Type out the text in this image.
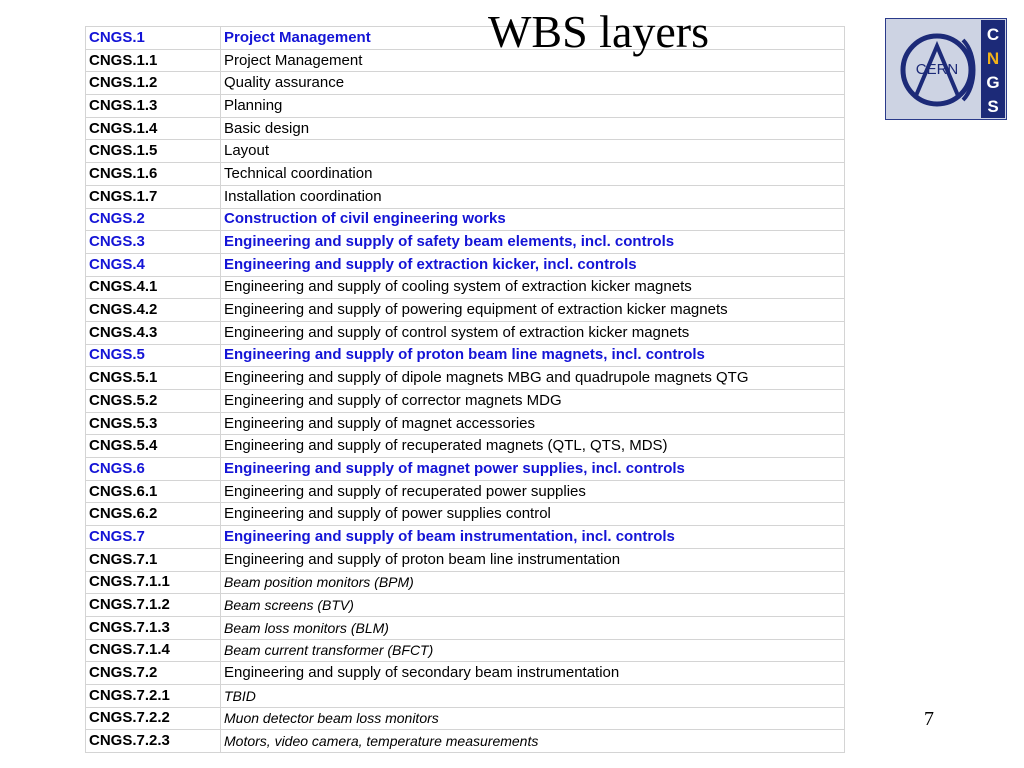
CNGS.1	Project Management
CNGS.1.1	Project Management
CNGS.1.2	Quality assurance
CNGS.1.3	Planning
CNGS.1.4	Basic design
CNGS.1.5	Layout
CNGS.1.6	Technical coordination
CNGS.1.7	Installation coordination
CNGS.2	Construction of civil engineering works
CNGS.3	Engineering and supply of safety beam elements, incl. controls
CNGS.4	Engineering and supply of extraction kicker, incl. controls
CNGS.4.1	Engineering and supply of cooling system of extraction kicker magnets
CNGS.4.2	Engineering and supply of powering equipment of extraction kicker magnets
CNGS.4.3	Engineering and supply of control system of extraction kicker magnets
CNGS.5	Engineering and supply of proton beam line magnets, incl. controls
CNGS.5.1	Engineering and supply of dipole magnets MBG and quadrupole magnets QTG
CNGS.5.2	Engineering and supply of corrector magnets MDG
CNGS.5.3	Engineering and supply of magnet accessories
CNGS.5.4	Engineering and supply of recuperated magnets (QTL, QTS, MDS)
CNGS.6	Engineering and supply of magnet power supplies, incl. controls
CNGS.6.1	Engineering and supply of recuperated power supplies
CNGS.6.2	Engineering and supply of power supplies control
CNGS.7	Engineering and supply of beam instrumentation, incl. controls
CNGS.7.1	Engineering and supply of proton beam line instrumentation
CNGS.7.1.1	Beam position monitors (BPM)
CNGS.7.1.2	Beam screens (BTV)
CNGS.7.1.3	Beam loss monitors (BLM)
CNGS.7.1.4	Beam current transformer (BFCT)
CNGS.7.2	Engineering and supply of secondary beam instrumentation
CNGS.7.2.1	TBID
CNGS.7.2.2	Muon detector beam loss monitors
CNGS.7.2.3	Motors, video camera, temperature measurements
WBS layers
CERN
C
N
G
S
7
